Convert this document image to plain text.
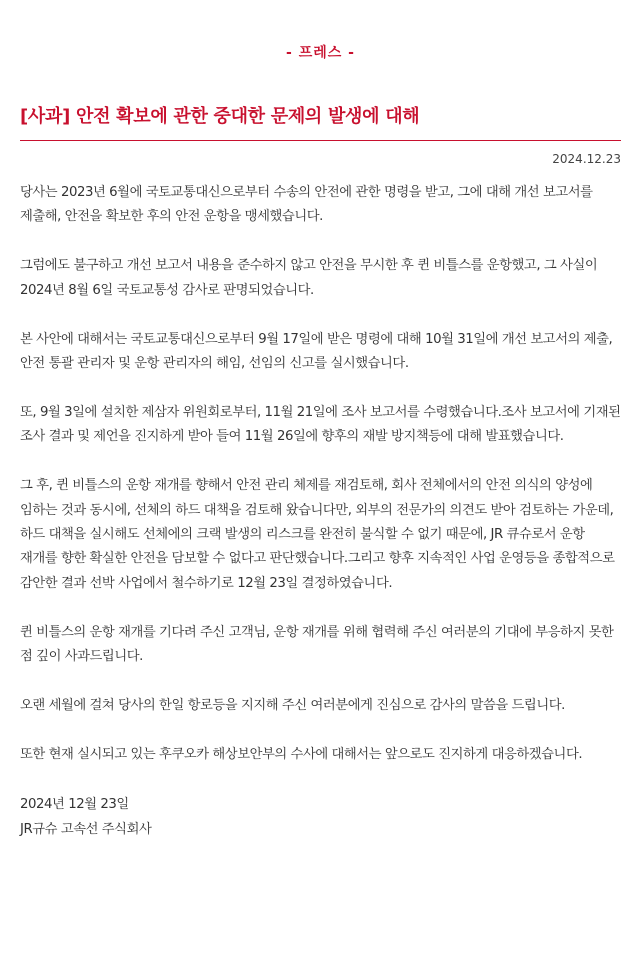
- 프레스 -
[사과] 안전 확보에 관한 중대한 문제의 발생에 대해
2024.12.23

당사는 2023년 6월에 국토교통대신으로부터 수송의 안전에 관한 명령을 받고, 그에 대해 개선 보고서를 제출해, 안전을 확보한 후의 안전 운항을 맹세했습니다.

그럼에도 불구하고 개선 보고서 내용을 준수하지 않고 안전을 무시한 후 퀸 비틀스를 운항했고, 그 사실이 2024년 8월 6일 국토교통성 감사로 판명되었습니다.

본 사안에 대해서는 국토교통대신으로부터 9월 17일에 받은 명령에 대해 10월 31일에 개선 보고서의 제출, 안전 통괄 관리자 및 운항 관리자의 해임, 선임의 신고를 실시했습니다.

또, 9월 3일에 설치한 제삼자 위원회로부터, 11월 21일에 조사 보고서를 수령했습니다.조사 보고서에 기재된 조사 결과 및 제언을 진지하게 받아 들여 11월 26일에 향후의 재발 방지책등에 대해 발표했습니다.

그 후, 퀸 비틀스의 운항 재개를 향해서 안전 관리 체제를 재검토해, 회사 전체에서의 안전 의식의 양성에 임하는 것과 동시에, 선체의 하드 대책을 검토해 왔습니다만, 외부의 전문가의 의견도 받아 검토하는 가운데, 하드 대책을 실시해도 선체에의 크랙 발생의 리스크를 완전히 불식할 수 없기 때문에, JR 큐슈로서 운항 재개를 향한 확실한 안전을 담보할 수 없다고 판단했습니다.그리고 향후 지속적인 사업 운영등을 종합적으로 감안한 결과 선박 사업에서 철수하기로 12월 23일 결정하였습니다.

퀸 비틀스의 운항 재개를 기다려 주신 고객님, 운항 재개를 위해 협력해 주신 여러분의 기대에 부응하지 못한 점 깊이 사과드립니다.

오랜 세월에 걸쳐 당사의 한일 항로등을 지지해 주신 여러분에게 진심으로 감사의 말씀을 드립니다.

또한 현재 실시되고 있는 후쿠오카 해상보안부의 수사에 대해서는 앞으로도 진지하게 대응하겠습니다.

2024년 12월 23일
JR규슈 고속선 주식회사
